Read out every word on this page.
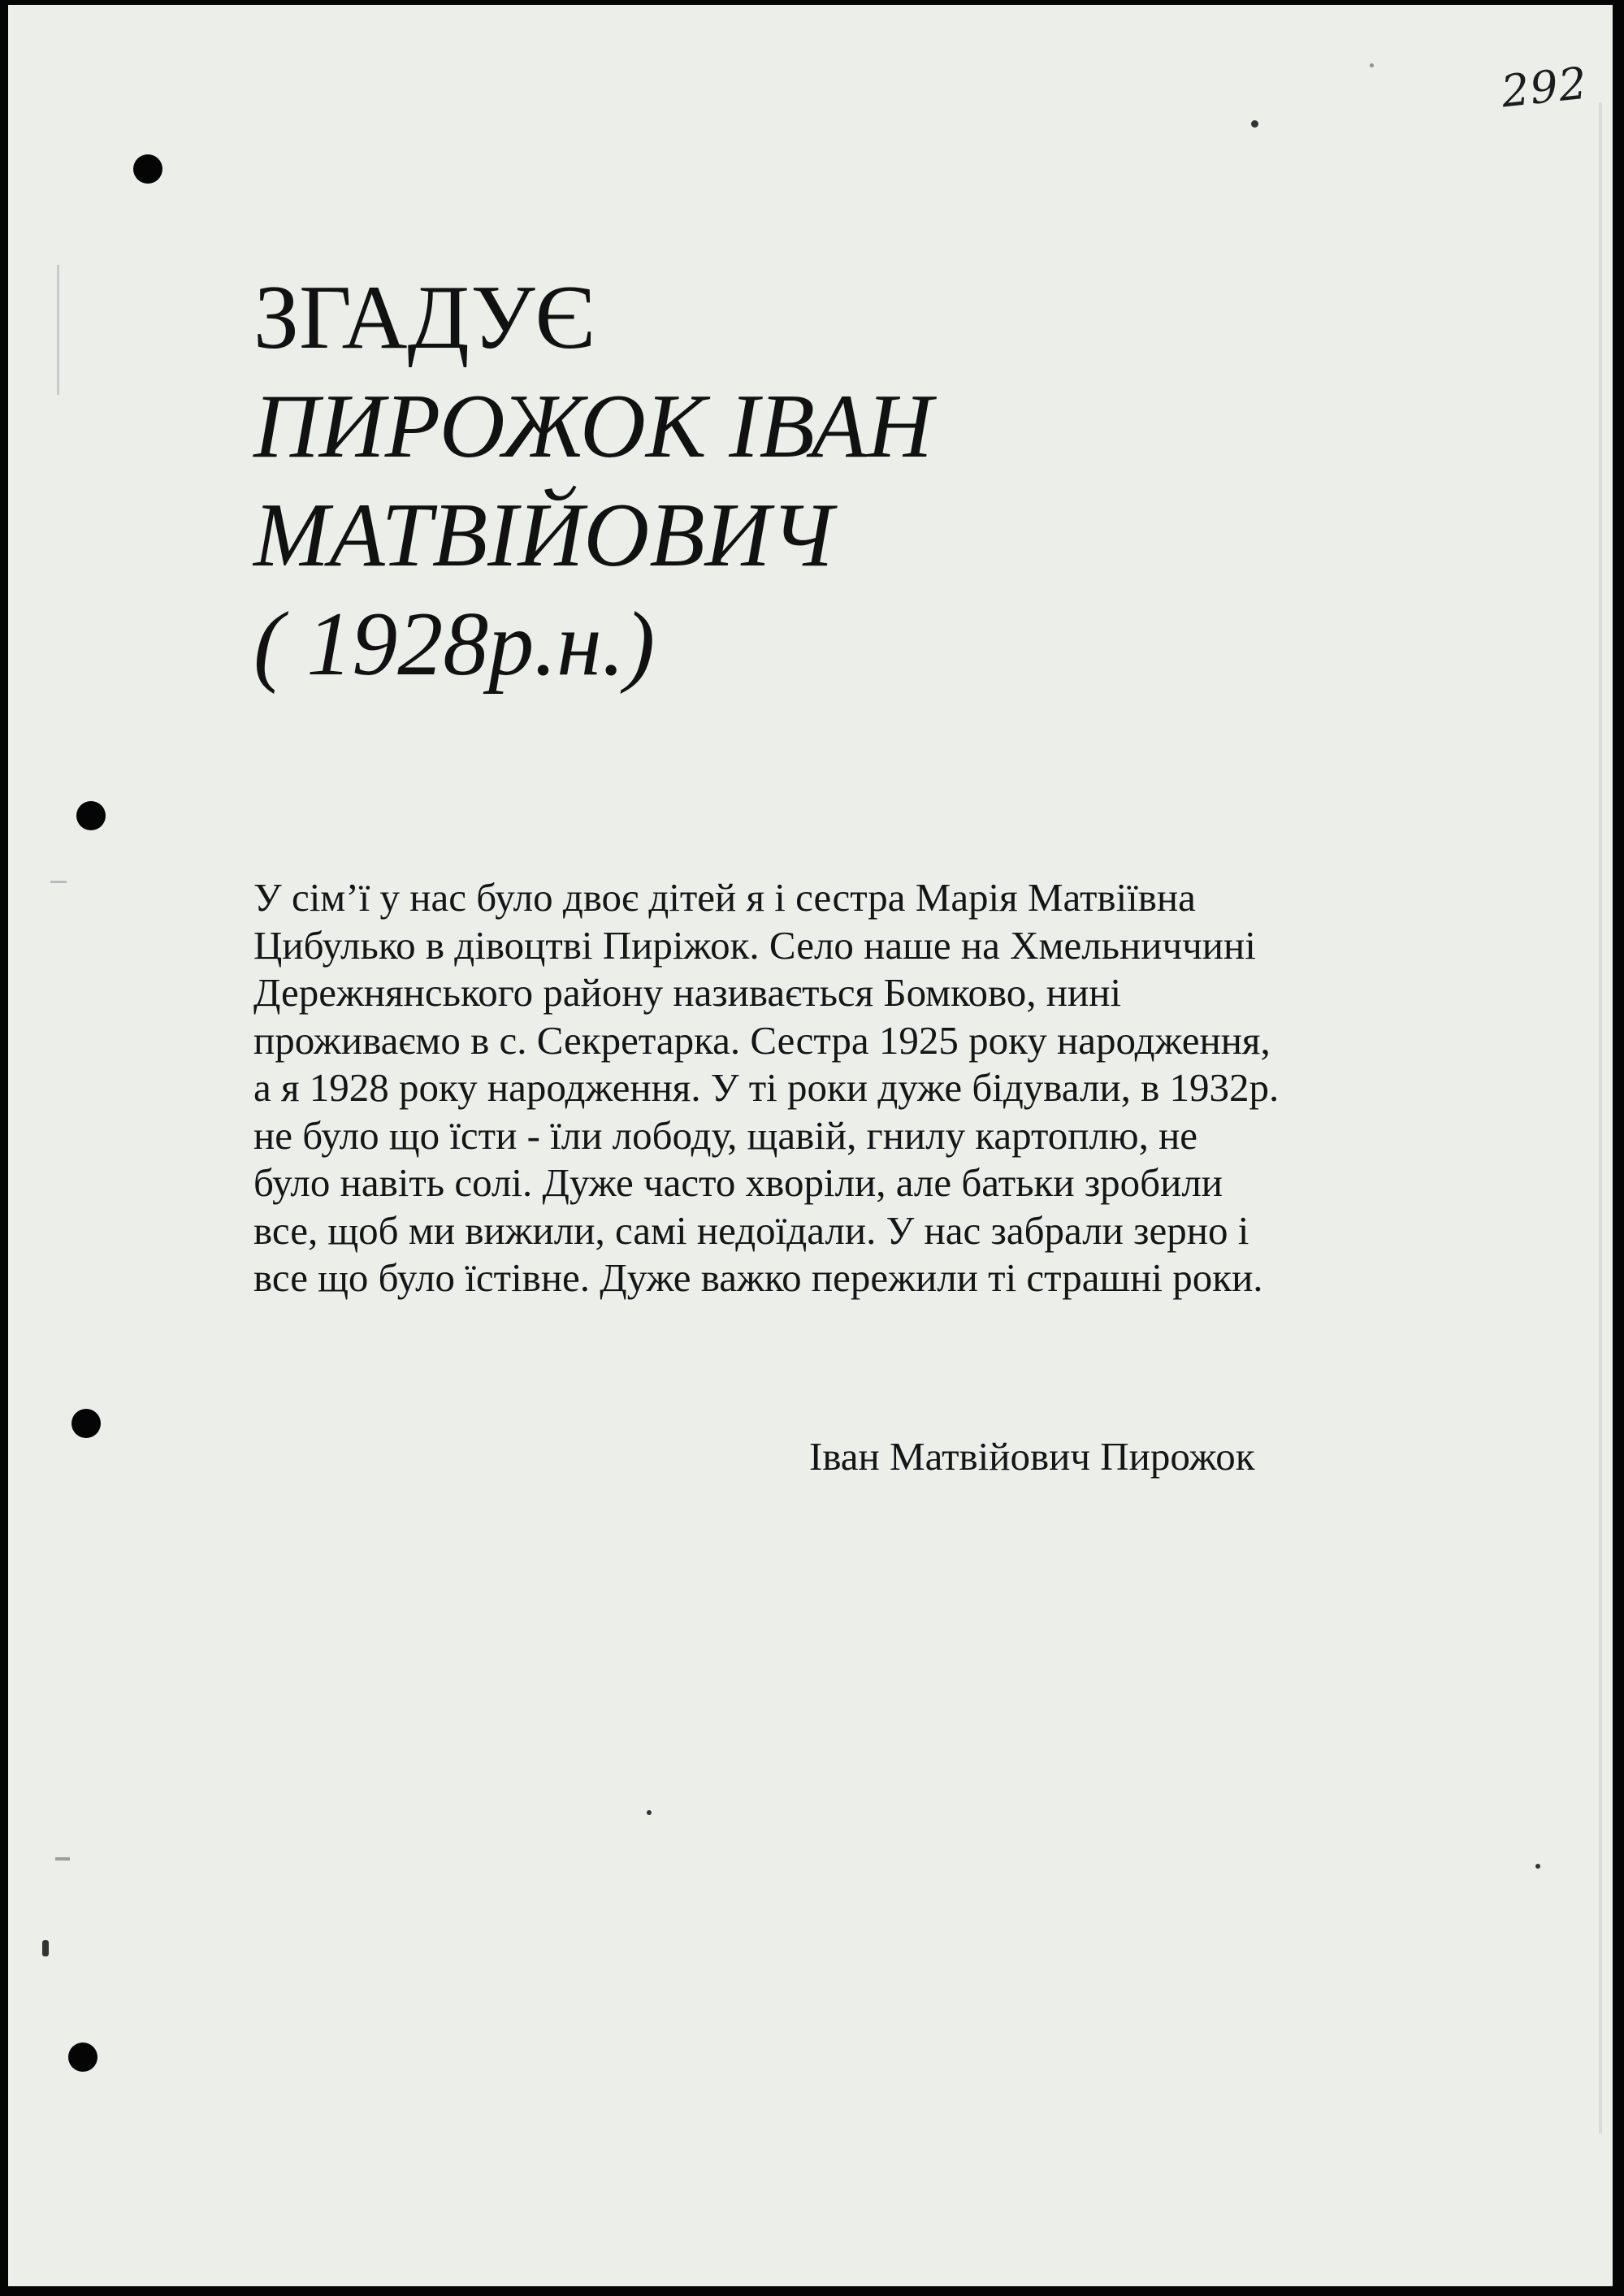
292

ЗГАДУЄ

ПИРОЖОК ІВАН

МАТВІЙОВИЧ

( 1928р.н.)

У сім’ї у нас було двоє дітей я і сестра Марія Матвіївна
Цибулько в дівоцтві Пиріжок. Село наше на Хмельниччині
Дережнянського району називається Бомково, нині
проживаємо в с. Секретарка. Сестра 1925 року народження,
а я 1928 року народження. У ті роки дуже бідували, в 1932р.
не було що їсти - їли лободу, щавій, гнилу картоплю, не
було навіть солі. Дуже часто хворіли, але батьки зробили
все, щоб ми вижили, самі недоїдали. У нас забрали зерно і
все що було їстівне. Дуже важко пережили ті страшні роки.

Іван Матвійович Пирожок
